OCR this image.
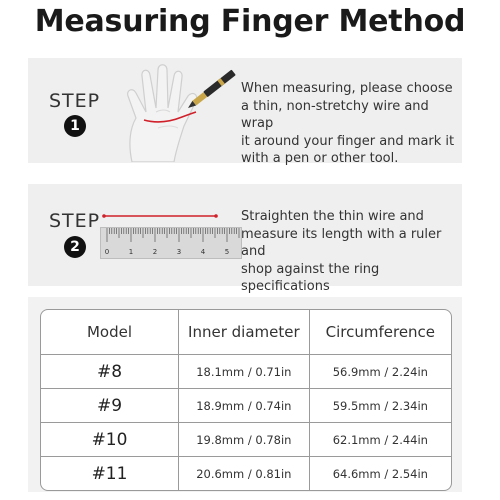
Measuring Finger Method
STEP
1
When measuring, please choose
a thin, non-stretchy wire and wrap
it around your finger and mark it
with a pen or other tool.
STEP
2	0	1	2	3	4	5
Straighten the thin wire and
measure its length with a ruler and
shop against the ring specifications
Model	Inner diameter	Circumference
#8	18.1mm / 0.71in	56.9mm / 2.24in
#9	18.9mm / 0.74in	59.5mm / 2.34in
#10	19.8mm / 0.78in	62.1mm / 2.44in
#11	20.6mm / 0.81in	64.6mm / 2.54in
